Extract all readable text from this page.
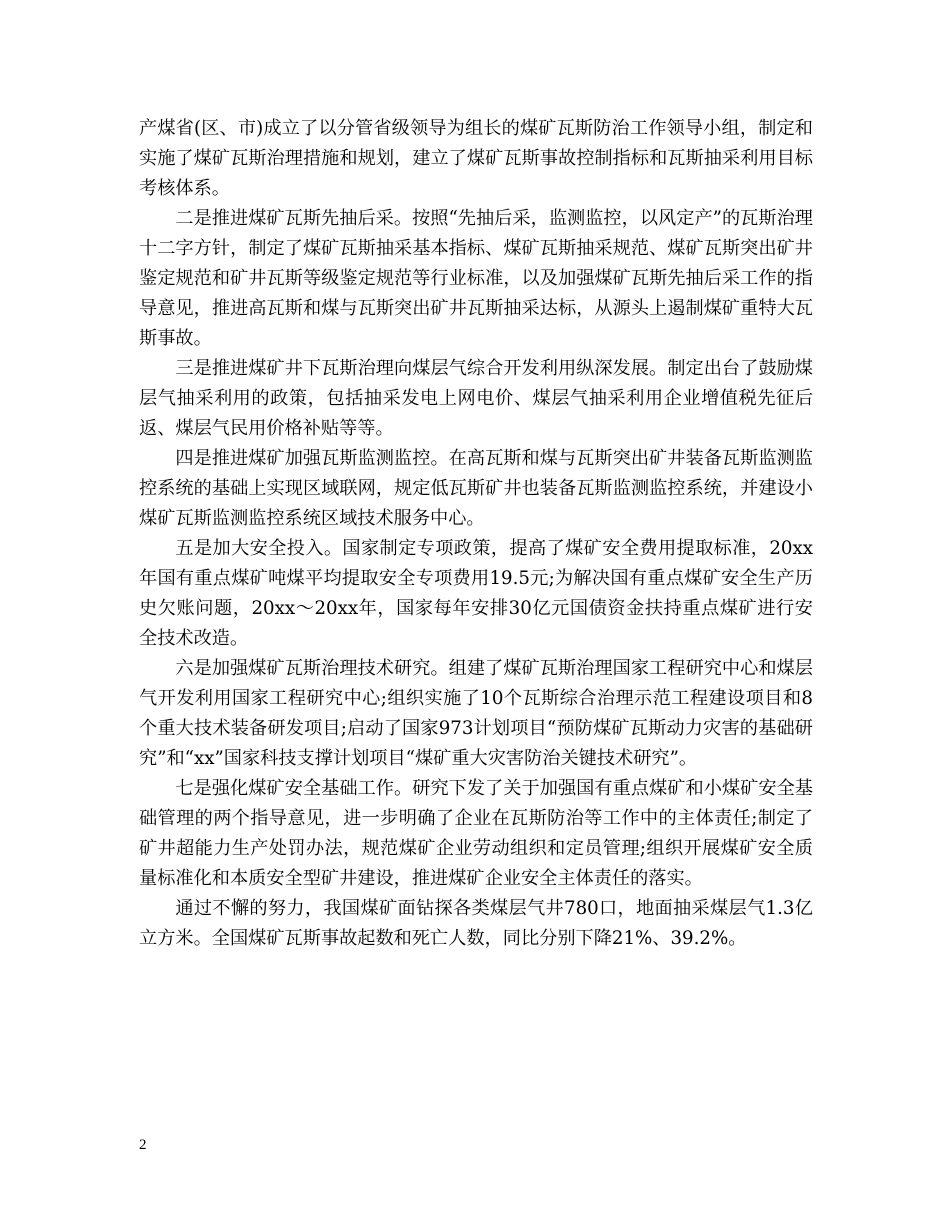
产煤省(区、市)成立了以分管省级领导为组长的煤矿瓦斯防治工作领导小组，制定和实施了煤矿瓦斯治理措施和规划，建立了煤矿瓦斯事故控制指标和瓦斯抽采利用目标考核体系。

二是推进煤矿瓦斯先抽后采。按照“先抽后采，监测监控，以风定产”的瓦斯治理十二字方针，制定了煤矿瓦斯抽采基本指标、煤矿瓦斯抽采规范、煤矿瓦斯突出矿井鉴定规范和矿井瓦斯等级鉴定规范等行业标准，以及加强煤矿瓦斯先抽后采工作的指导意见，推进高瓦斯和煤与瓦斯突出矿井瓦斯抽采达标，从源头上遏制煤矿重特大瓦斯事故。

三是推进煤矿井下瓦斯治理向煤层气综合开发利用纵深发展。制定出台了鼓励煤层气抽采利用的政策，包括抽采发电上网电价、煤层气抽采利用企业增值税先征后返、煤层气民用价格补贴等等。

四是推进煤矿加强瓦斯监测监控。在高瓦斯和煤与瓦斯突出矿井装备瓦斯监测监控系统的基础上实现区域联网，规定低瓦斯矿井也装备瓦斯监测监控系统，并建设小煤矿瓦斯监测监控系统区域技术服务中心。

五是加大安全投入。国家制定专项政策，提高了煤矿安全费用提取标准，20xx年国有重点煤矿吨煤平均提取安全专项费用19.5元;为解决国有重点煤矿安全生产历史欠账问题，20xx～20xx年，国家每年安排30亿元国债资金扶持重点煤矿进行安全技术改造。

六是加强煤矿瓦斯治理技术研究。组建了煤矿瓦斯治理国家工程研究中心和煤层气开发利用国家工程研究中心;组织实施了10个瓦斯综合治理示范工程建设项目和8个重大技术装备研发项目;启动了国家973计划项目“预防煤矿瓦斯动力灾害的基础研究”和“xx”国家科技支撑计划项目“煤矿重大灾害防治关键技术研究”。

七是强化煤矿安全基础工作。研究下发了关于加强国有重点煤矿和小煤矿安全基础管理的两个指导意见，进一步明确了企业在瓦斯防治等工作中的主体责任;制定了矿井超能力生产处罚办法，规范煤矿企业劳动组织和定员管理;组织开展煤矿安全质量标准化和本质安全型矿井建设，推进煤矿企业安全主体责任的落实。

通过不懈的努力，我国煤矿面钻探各类煤层气井780口，地面抽采煤层气1.3亿立方米。全国煤矿瓦斯事故起数和死亡人数，同比分别下降21%、39.2%。

2
